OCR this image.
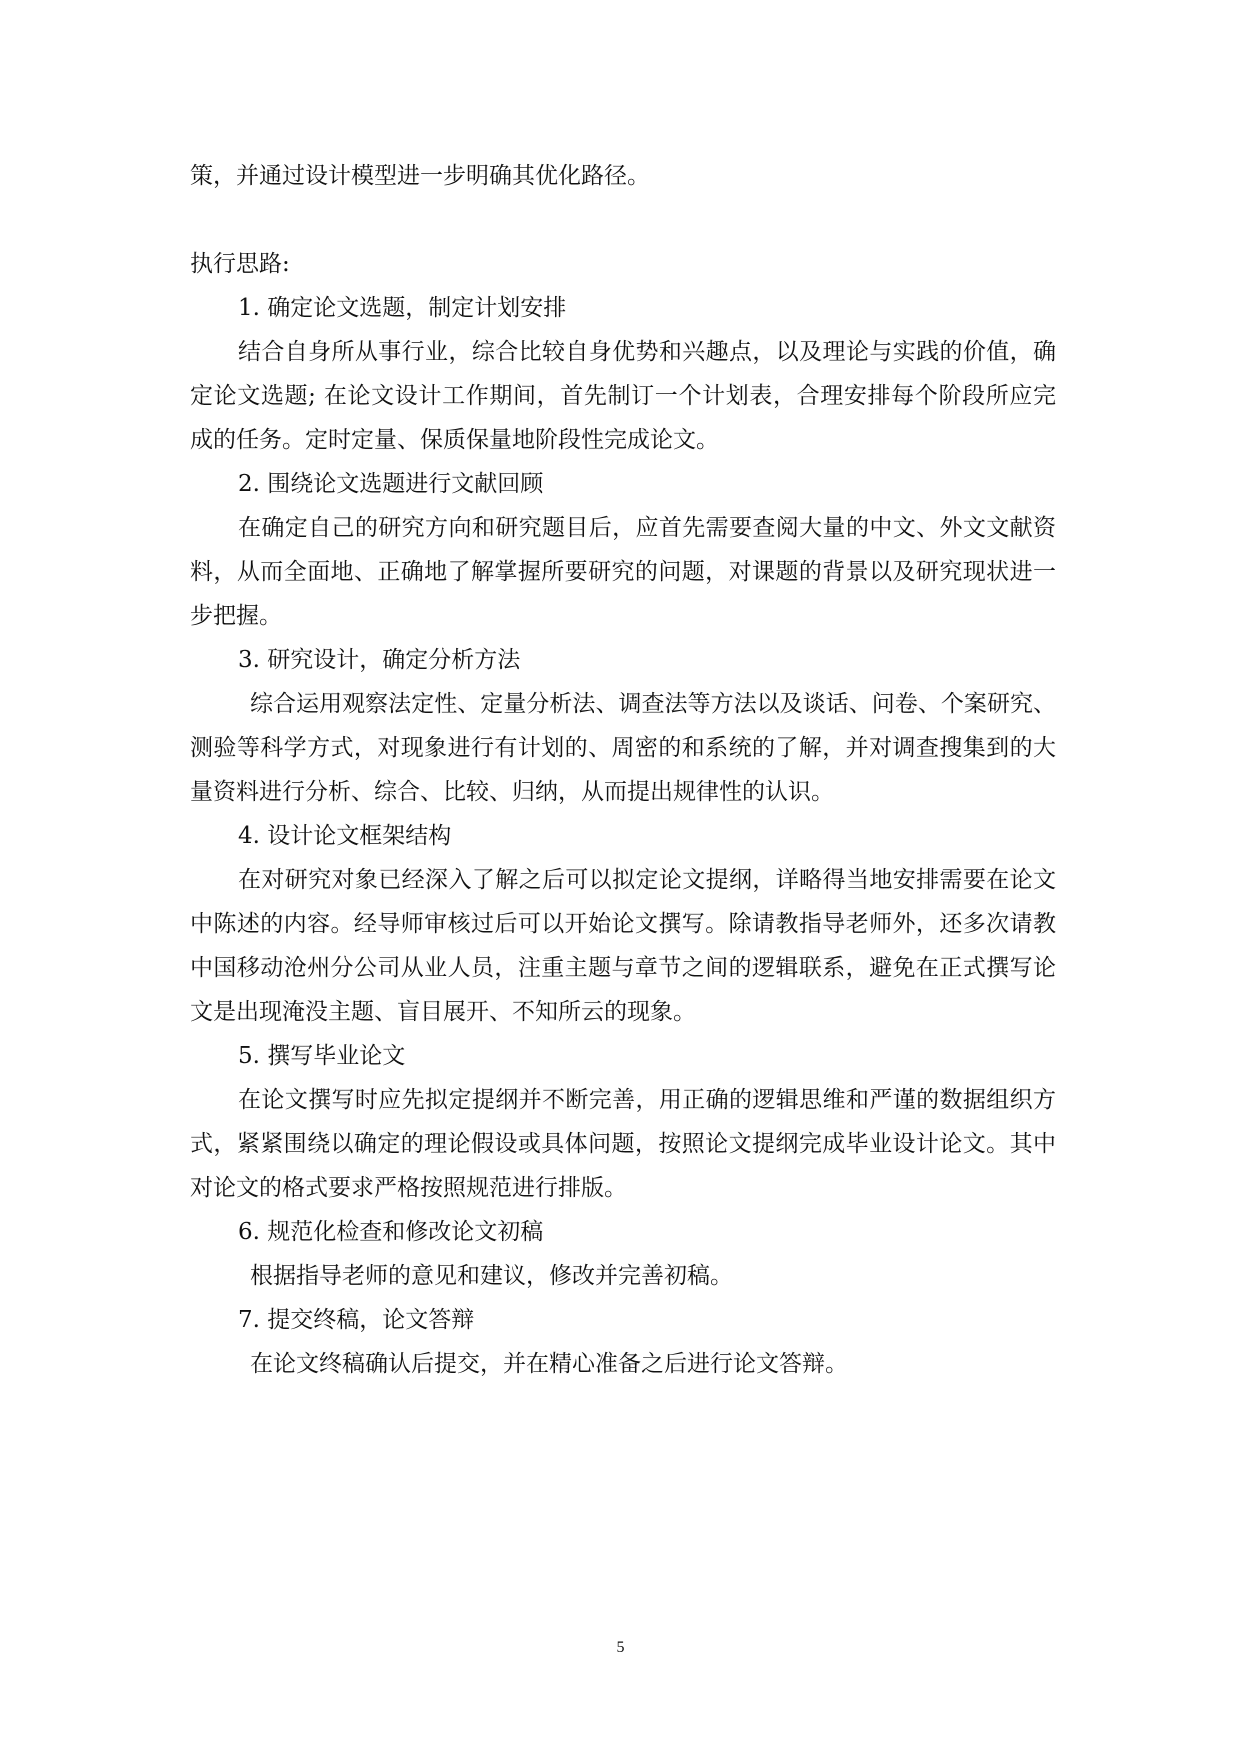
策，并通过设计模型进一步明确其优化路径。

执行思路:

1. 确定论文选题，制定计划安排

结合自身所从事行业，综合比较自身优势和兴趣点，以及理论与实践的价值，确定论文选题; 在论文设计工作期间，首先制订一个计划表，合理安排每个阶段所应完成的任务。定时定量、保质保量地阶段性完成论文。

2. 围绕论文选题进行文献回顾

在确定自己的研究方向和研究题目后，应首先需要查阅大量的中文、外文文献资料，从而全面地、正确地了解掌握所要研究的问题，对课题的背景以及研究现状进一步把握。

3. 研究设计，确定分析方法

综合运用观察法定性、定量分析法、调查法等方法以及谈话、问卷、个案研究、测验等科学方式，对现象进行有计划的、周密的和系统的了解，并对调查搜集到的大量资料进行分析、综合、比较、归纳，从而提出规律性的认识。

4. 设计论文框架结构

在对研究对象已经深入了解之后可以拟定论文提纲，详略得当地安排需要在论文中陈述的内容。经导师审核过后可以开始论文撰写。除请教指导老师外，还多次请教中国移动沧州分公司从业人员，注重主题与章节之间的逻辑联系，避免在正式撰写论文是出现淹没主题、盲目展开、不知所云的现象。

5. 撰写毕业论文

在论文撰写时应先拟定提纲并不断完善，用正确的逻辑思维和严谨的数据组织方式，紧紧围绕以确定的理论假设或具体问题，按照论文提纲完成毕业设计论文。其中对论文的格式要求严格按照规范进行排版。

6. 规范化检查和修改论文初稿

根据指导老师的意见和建议，修改并完善初稿。

7. 提交终稿，论文答辩

在论文终稿确认后提交，并在精心准备之后进行论文答辩。

5
